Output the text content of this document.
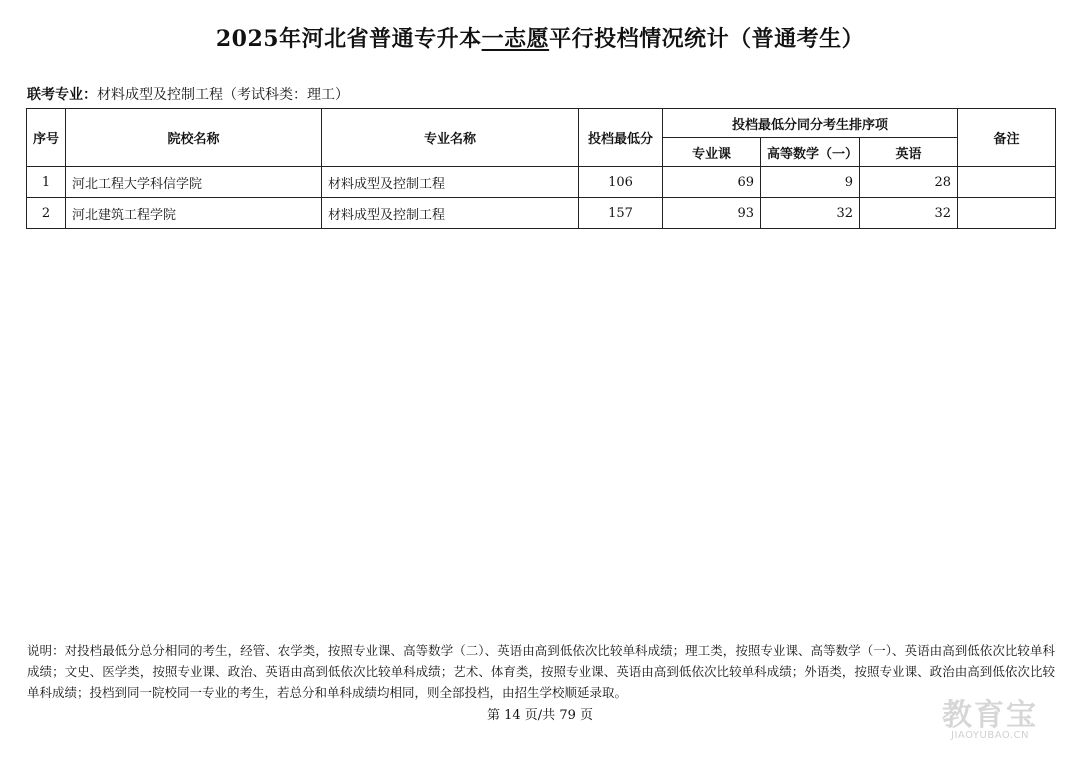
2025年河北省普通专升本一志愿平行投档情况统计（普通考生）
联考专业：材料成型及控制工程（考试科类：理工）
序号	院校名称	专业名称	投档最低分	投档最低分同分考生排序项			备注
				专业课	高等数学（一）	英语	
1	河北工程大学科信学院	材料成型及控制工程	106	69	9	28	
2	河北建筑工程学院	材料成型及控制工程	157	93	32	32	
说明：对投档最低分总分相同的考生，经管、农学类，按照专业课、高等数学（二）、英语由高到低依次比较单科成绩；理工类，按照专业课、高等数学（一）、英语由高到低依次比较单科成绩；文史、医学类，按照专业课、政治、英语由高到低依次比较单科成绩；艺术、体育类，按照专业课、英语由高到低依次比较单科成绩；外语类，按照专业课、政治由高到低依次比较单科成绩；投档到同一院校同一专业的考生，若总分和单科成绩均相同，则全部投档，由招生学校顺延录取。
第 14 页/共 79 页	教育宝
JIAOYUBAO.CN
